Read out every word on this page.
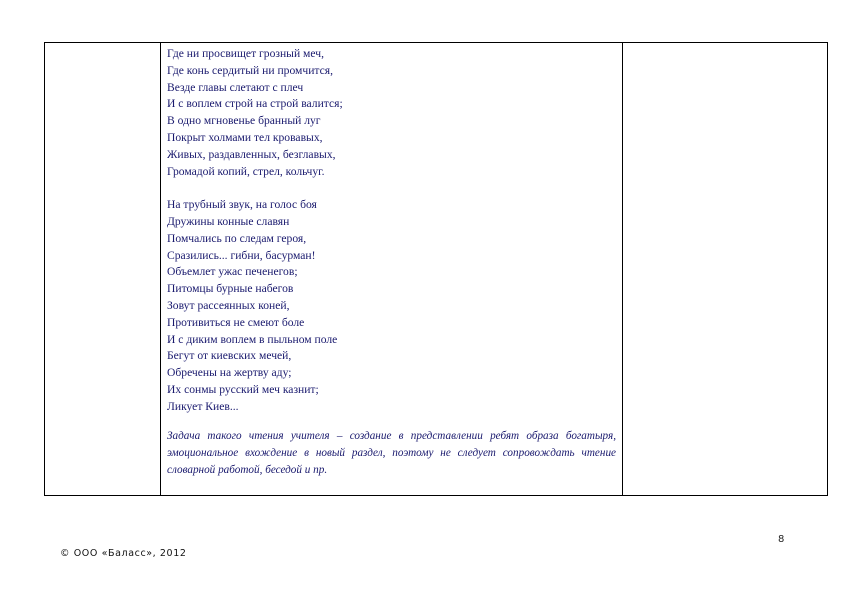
Где ни просвищет грозный меч,
Где конь сердитый ни промчится,
Везде главы слетают с плеч
И с воплем строй на строй валится;
В одно мгновенье бранный луг
Покрыт холмами тел кровавых,
Живых, раздавленных, безглавых,
Громадой копий, стрел, кольчуг.
На трубный звук, на голос боя
Дружины конные славян
Помчались по следам героя,
Сразились... гибни, басурман!
Объемлет ужас печенегов;
Питомцы бурные набегов
Зовут рассеянных коней,
Противиться не смеют боле
И с диким воплем в пыльном поле
Бегут от киевских мечей,
Обречены на жертву аду;
Их сонмы русский меч казнит;
Ликует Киев...
Задача такого чтения учителя – создание в представлении ребят образа богатыря, эмоциональное вхождение в новый раздел, поэтому не следует сопровождать чтение словарной работой, беседой и пр.
8
© ООО «Баласс», 2012
